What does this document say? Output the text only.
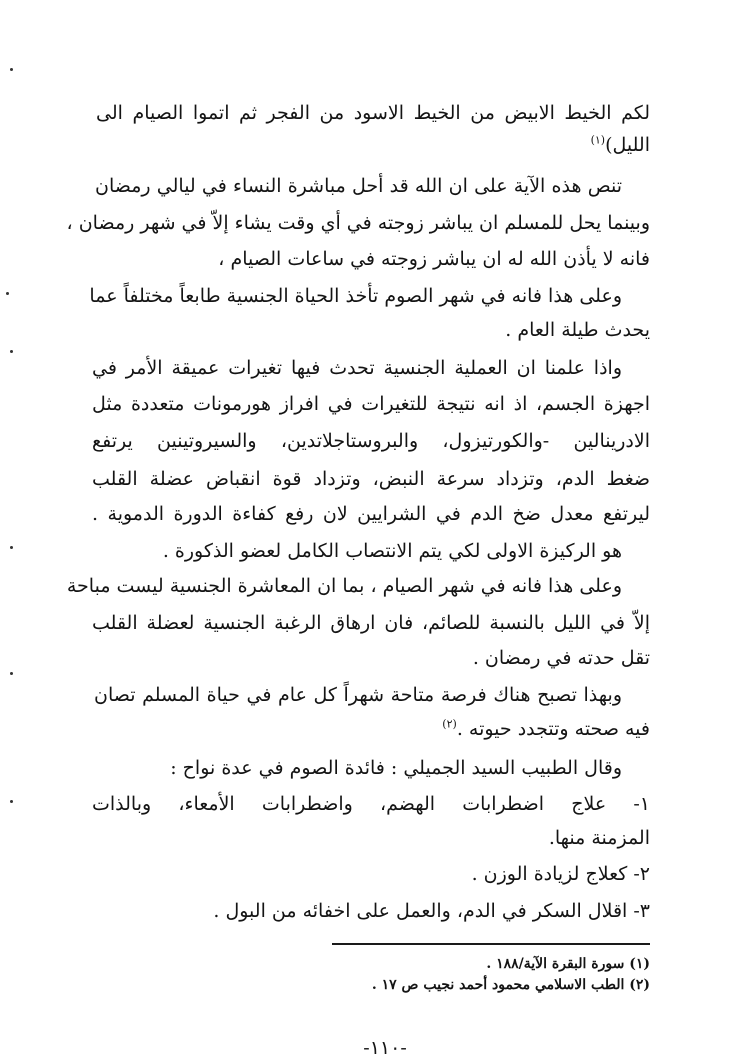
لكم الخيط الابيض من الخيط الاسود من الفجر ثم اتموا الصيام الى
الليل)$^{(١)}$
تنص هذه الآية على ان الله قد أحل مباشرة النساء في ليالي رمضان
وبينما يحل للمسلم ان يباشر زوجته في أي وقت يشاء إلاّ في شهر رمضان ،
فانه لا يأذن الله له ان يباشر زوجته في ساعات الصيام ،
وعلى هذا فانه في شهر الصوم تأخذ الحياة الجنسية طابعاً مختلفاً عما
يحدث طيلة العام .
واذا علمنا ان العملية الجنسية تحدث فيها تغيرات عميقة الأمر في
اجهزة الجسم، اذ انه نتيجة للتغيرات في افراز هورمونات متعددة مثل
الادرينالين -والكورتيزول، والبروستاجلاتدين، والسيروتينين يرتفع
ضغط الدم، وتزداد سرعة النبض، وتزداد قوة انقباض عضلة القلب
ليرتفع معدل ضخ الدم في الشرايين لان رفع كفاءة الدورة الدموية .
هو الركيزة الاولى لكي يتم الانتصاب الكامل لعضو الذكورة .
وعلى هذا فانه في شهر الصيام ، بما ان المعاشرة الجنسية ليست مباحة
إلاّ في الليل بالنسبة للصائم، فان ارهاق الرغبة الجنسية لعضلة القلب
تقل حدته في رمضان .
وبهذا تصبح هناك فرصة متاحة شهراً كل عام في حياة المسلم تصان
فيه صحته وتتجدد حيوته .$^{(٢)}$
وقال الطبيب السيد الجميلي : فائدة الصوم في عدة نواح :
١- علاج اضطرابات الهضم، واضطرابات الأمعاء، وبالذات
المزمنة منها.
٢- كعلاج لزيادة الوزن .
٣- اقلال السكر في الدم، والعمل على اخفائه من البول .
(١) سورة البقرة الآية/١٨٨ .
(٢) الطب الاسلامي محمود أحمد نجيب ص ١٧ .
-١١٠-
